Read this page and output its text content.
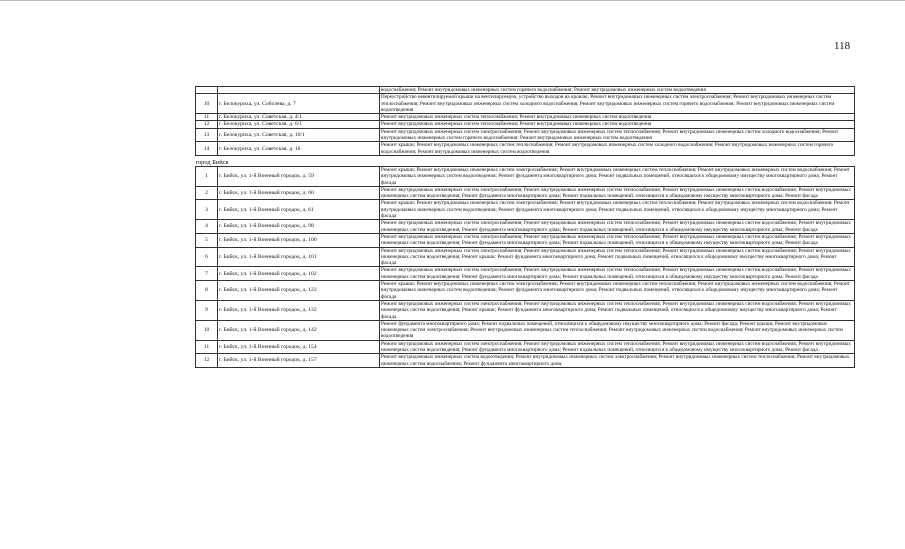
118
		водоснабжения; Ремонт внутридомовых инженерных систем горячего водоснабжения; Ремонт внутридомовых инженерных систем водоотведения
10	г. Белокуриха, ул. Соболева, д. 7	Переустройство невентилируемой крыши на вентилируемую, устройство выходов на кровлю; Ремонт внутридомовых инженерных систем электроснабжения; Ремонт внутридомовых инженерных систем теплоснабжения; Ремонт внутридомовых инженерных систем холодного водоснабжения; Ремонт внутридомовых инженерных систем горячего водоснабжения; Ремонт внутридомовых инженерных систем водоотведения
11	г. Белокуриха, ул. Советская, д. 4/1	Ремонт внутридомовых инженерных систем теплоснабжения; Ремонт внутридомовых инженерных систем водоотведения
12	г. Белокуриха, ул. Советская, д. 6/1	Ремонт внутридомовых инженерных систем теплоснабжения; Ремонт внутридомовых инженерных систем водоотведения
13	г. Белокуриха, ул. Советская, д. 10/1	Ремонт внутридомовых инженерных систем электроснабжения; Ремонт внутридомовых инженерных систем теплоснабжения; Ремонт внутридомовых инженерных систем холодного водоснабжения; Ремонт внутридомовых инженерных систем горячего водоснабжения; Ремонт внутридомовых инженерных систем водоотведения
14	г. Белокуриха, ул. Советская, д. 16	Ремонт крыши; Ремонт внутридомовых инженерных систем теплоснабжения; Ремонт внутридомовых инженерных систем холодного водоснабжения; Ремонт внутридомовых инженерных систем горячего водоснабжения; Ремонт внутридомовых инженерных систем водоотведения
город Бийск		
1	г. Бийск, ул. 1-й Военный городок, д. 59	Ремонт крыши; Ремонт внутридомовых инженерных систем электроснабжения; Ремонт внутридомовых инженерных систем теплоснабжения; Ремонт внутридомовых инженерных систем водоснабжения; Ремонт внутридомовых инженерных систем водоотведения; Ремонт фундамента многоквартирного дома; Ремонт подвальных помещений, относящихся к общедомовому имуществу многоквартирного дома; Ремонт фасада
2	г. Бийск, ул. 1-й Военный городок, д. 60	Ремонт внутридомовых инженерных систем электроснабжения; Ремонт внутридомовых инженерных систем теплоснабжения; Ремонт внутридомовых инженерных систем водоснабжения; Ремонт внутридомовых инженерных систем водоотведения; Ремонт фундамента многоквартирного дома; Ремонт подвальных помещений, относящихся к общедомовому имуществу многоквартирного дома; Ремонт фасада
3	г. Бийск, ул. 1-й Военный городок, д. 61	Ремонт крыши; Ремонт внутридомовых инженерных систем электроснабжения; Ремонт внутридомовых инженерных систем теплоснабжения; Ремонт внутридомовых инженерных систем водоснабжения; Ремонт внутридомовых инженерных систем водоотведения; Ремонт фундамента многоквартирного дома; Ремонт подвальных помещений, относящихся к общедомовому имуществу многоквартирного дома; Ремонт фасада
4	г. Бийск, ул. 1-й Военный городок, д. 98	Ремонт внутридомовых инженерных систем электроснабжения; Ремонт внутридомовых инженерных систем теплоснабжения; Ремонт внутридомовых инженерных систем водоснабжения; Ремонт внутридомовых инженерных систем водоотведения; Ремонт фундамента многоквартирного дома; Ремонт подвальных помещений, относящихся к общедомовому имуществу многоквартирного дома; Ремонт фасада
5	г. Бийск, ул. 1-й Военный городок, д. 100	Ремонт внутридомовых инженерных систем электроснабжения; Ремонт внутридомовых инженерных систем теплоснабжения; Ремонт внутридомовых инженерных систем водоснабжения; Ремонт внутридомовых инженерных систем водоотведения; Ремонт фундамента многоквартирного дома; Ремонт подвальных помещений, относящихся к общедомовому имуществу многоквартирного дома; Ремонт фасада
6	г. Бийск, ул. 1-й Военный городок, д. 101	Ремонт внутридомовых инженерных систем электроснабжения; Ремонт внутридомовых инженерных систем теплоснабжения; Ремонт внутридомовых инженерных систем водоснабжения; Ремонт внутридомовых инженерных систем водоотведения; Ремонт крыши; Ремонт фундамента многоквартирного дома; Ремонт подвальных помещений, относящихся к общедомовому имуществу многоквартирного дома; Ремонт фасада
7	г. Бийск, ул. 1-й Военный городок, д. 102	Ремонт внутридомовых инженерных систем электроснабжения; Ремонт внутридомовых инженерных систем теплоснабжения; Ремонт внутридомовых инженерных систем водоснабжения; Ремонт внутридомовых инженерных систем водоотведения; Ремонт фундамента многоквартирного дома; Ремонт подвальных помещений, относящихся к общедомовому имуществу многоквартирного дома; Ремонт фасада
8	г. Бийск, ул. 1-й Военный городок, д. 122	Ремонт крыши; Ремонт внутридомовых инженерных систем электроснабжения; Ремонт внутридомовых инженерных систем теплоснабжения; Ремонт внутридомовых инженерных систем водоснабжения; Ремонт внутридомовых инженерных систем водоотведения; Ремонт фундамента многоквартирного дома; Ремонт подвальных помещений, относящихся к общедомовому имуществу многоквартирного дома; Ремонт фасада
9	г. Бийск, ул. 1-й Военный городок, д. 132	Ремонт внутридомовых инженерных систем электроснабжения; Ремонт внутридомовых инженерных систем теплоснабжения; Ремонт внутридомовых инженерных систем водоснабжения; Ремонт внутридомовых инженерных систем водоотведения; Ремонт крыши; Ремонт фундамента многоквартирного дома; Ремонт подвальных помещений, относящихся к общедомовому имуществу многоквартирного дома; Ремонт фасада
10	г. Бийск, ул. 1-й Военный городок, д. 142	Ремонт фундамента многоквартирного дома; Ремонт подвальных помещений, относящихся к общедомовому имуществу многоквартирного дома; Ремонт фасада; Ремонт крыши; Ремонт внутридомовых инженерных систем электроснабжения; Ремонт внутридомовых инженерных систем теплоснабжения; Ремонт внутридомовых инженерных систем водоснабжения; Ремонт внутридомовых инженерных систем водоотведения
11	г. Бийск, ул. 1-й Военный городок, д. 154	Ремонт внутридомовых инженерных систем электроснабжения; Ремонт внутридомовых инженерных систем теплоснабжения; Ремонт внутридомовых инженерных систем водоснабжения; Ремонт внутридомовых инженерных систем водоотведения; Ремонт фундамента многоквартирного дома; Ремонт подвальных помещений, относящихся к общедомовому имуществу многоквартирного дома; Ремонт фасада
12	г. Бийск, ул. 1-й Военный городок, д. 157	Ремонт внутридомовых инженерных систем водоотведения; Ремонт внутридомовых инженерных систем электроснабжения; Ремонт внутридомовых инженерных систем теплоснабжения; Ремонт внутридомовых инженерных систем водоснабжения; Ремонт фундамента многоквартирного дома;
